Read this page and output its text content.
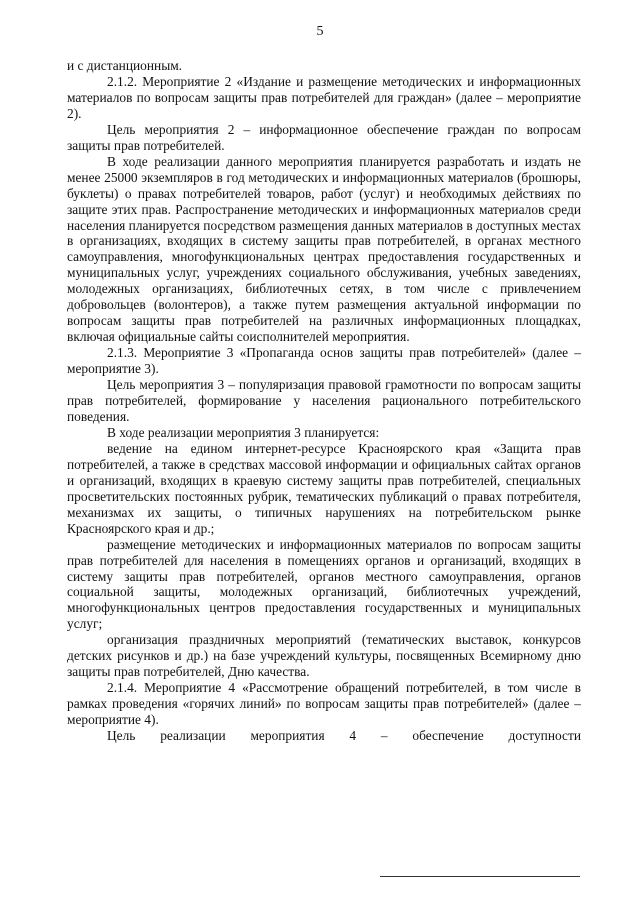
5

и с дистанционным.

2.1.2. Мероприятие 2 «Издание и размещение методических и информационных материалов по вопросам защиты прав потребителей для граждан» (далее – мероприятие 2).

Цель мероприятия 2 – информационное обеспечение граждан по вопросам защиты прав потребителей.

В ходе реализации данного мероприятия планируется разработать и издать не менее 25000 экземпляров в год методических и информационных материалов (брошюры, буклеты) о правах потребителей товаров, работ (услуг) и необходимых действиях по защите этих прав. Распространение методических и информационных материалов среди населения планируется посредством размещения данных материалов в доступных местах в организациях, входящих в систему защиты прав потребителей, в органах местного самоуправления, многофункциональных центрах предоставления государственных и муниципальных услуг, учреждениях социального обслуживания, учебных заведениях, молодежных организациях, библиотечных сетях, в том числе с привлечением добровольцев (волонтеров), а также путем размещения актуальной информации по вопросам защиты прав потребителей на различных информационных площадках, включая официальные сайты соисполнителей мероприятия.

2.1.3. Мероприятие 3 «Пропаганда основ защиты прав потребителей» (далее – мероприятие 3).

Цель мероприятия 3 – популяризация правовой грамотности по вопросам защиты прав потребителей, формирование у населения рационального потребительского поведения.

В ходе реализации мероприятия 3 планируется:

ведение на едином интернет-ресурсе Красноярского края «Защита прав потребителей, а также в средствах массовой информации и официальных сайтах органов и организаций, входящих в краевую систему защиты прав потребителей, специальных просветительских постоянных рубрик, тематических публикаций о правах потребителя, механизмах их защиты, о типичных нарушениях на потребительском рынке Красноярского края и др.;

размещение методических и информационных материалов по вопросам защиты прав потребителей для населения в помещениях органов и организаций, входящих в систему защиты прав потребителей, органов местного самоуправления, органов социальной защиты, молодежных организаций, библиотечных учреждений, многофункциональных центров предоставления государственных и муниципальных услуг;

организация праздничных мероприятий (тематических выставок, конкурсов детских рисунков и др.) на базе учреждений культуры, посвященных Всемирному дню защиты прав потребителей, Дню качества.

2.1.4. Мероприятие 4 «Рассмотрение обращений потребителей, в том числе в рамках проведения «горячих линий» по вопросам защиты прав потребителей» (далее – мероприятие 4).

Цель реализации мероприятия 4 – обеспечение доступности
